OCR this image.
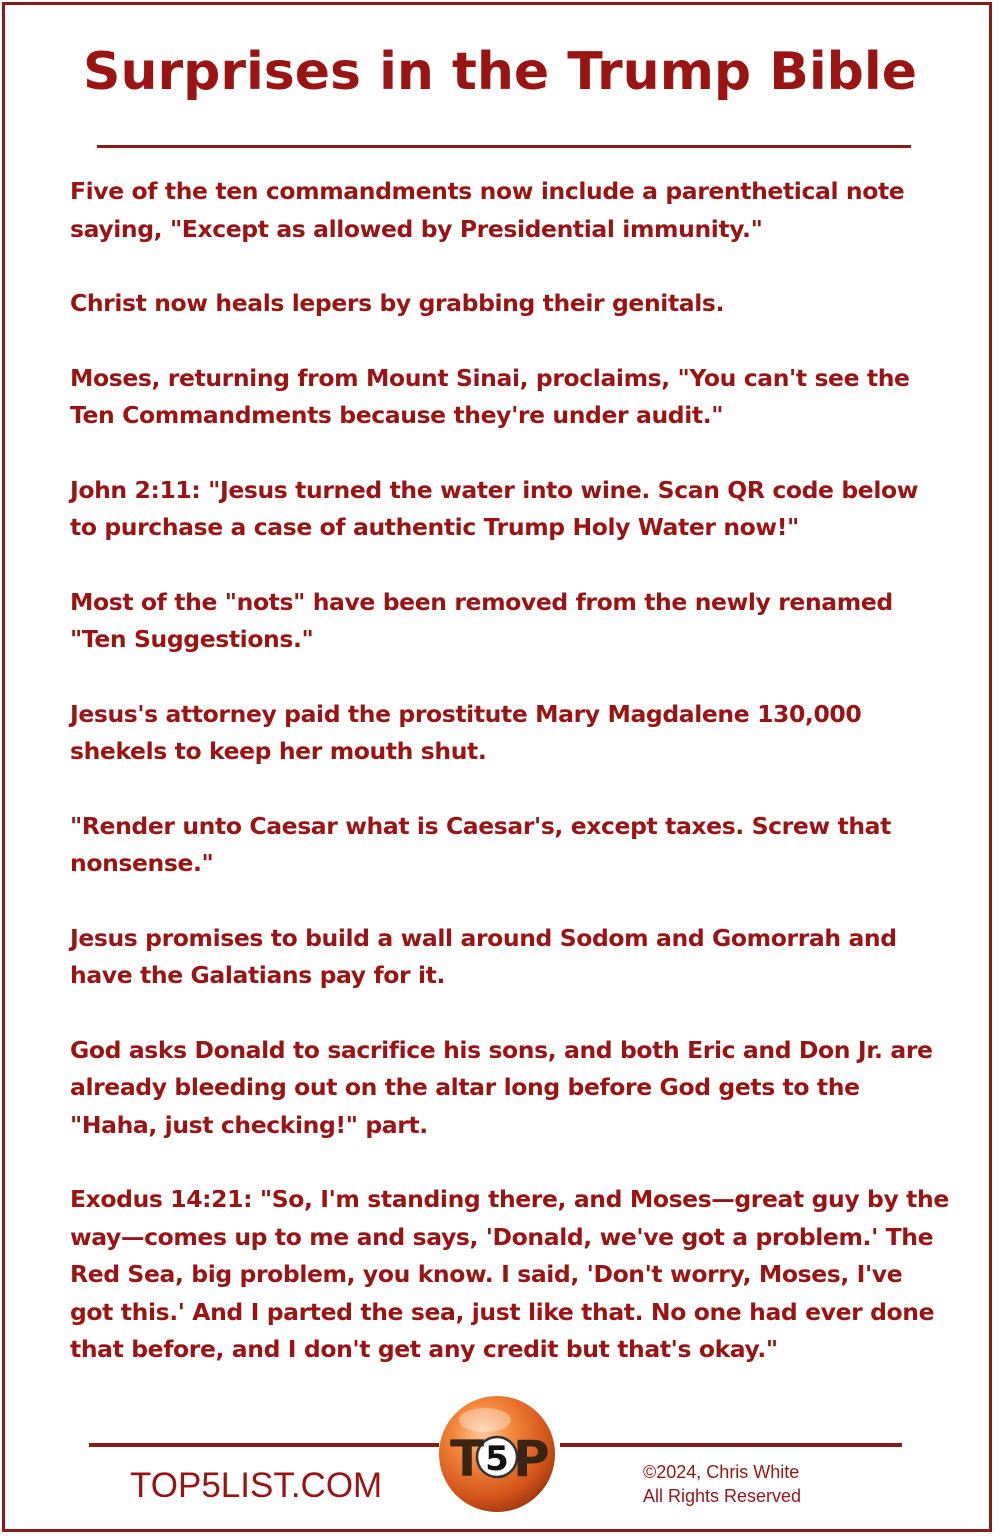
Surprises in the Trump Bible

Five of the ten commandments now include a parenthetical note saying, "Except as allowed by Presidential immunity."

Christ now heals lepers by grabbing their genitals.

Moses, returning from Mount Sinai, proclaims, "You can't see the Ten Commandments because they're under audit."

John 2:11: "Jesus turned the water into wine. Scan QR code below to purchase a case of authentic Trump Holy Water now!"

Most of the "nots" have been removed from the newly renamed "Ten Suggestions."

Jesus's attorney paid the prostitute Mary Magdalene 130,000 shekels to keep her mouth shut.

"Render unto Caesar what is Caesar's, except taxes. Screw that nonsense."

Jesus promises to build a wall around Sodom and Gomorrah and have the Galatians pay for it.

God asks Donald to sacrifice his sons, and both Eric and Don Jr. are already bleeding out on the altar long before God gets to the "Haha, just checking!" part.

Exodus 14:21: "So, I'm standing there, and Moses—great guy by the way—comes up to me and says, 'Donald, we've got a problem.' The Red Sea, big problem, you know. I said, 'Don't worry, Moses, I've got this.' And I parted the sea, just like that. No one had ever done that before, and I don't get any credit but that's okay."

TOP5LIST.COM T 5 P	©2024, Chris White
All Rights Reserved
